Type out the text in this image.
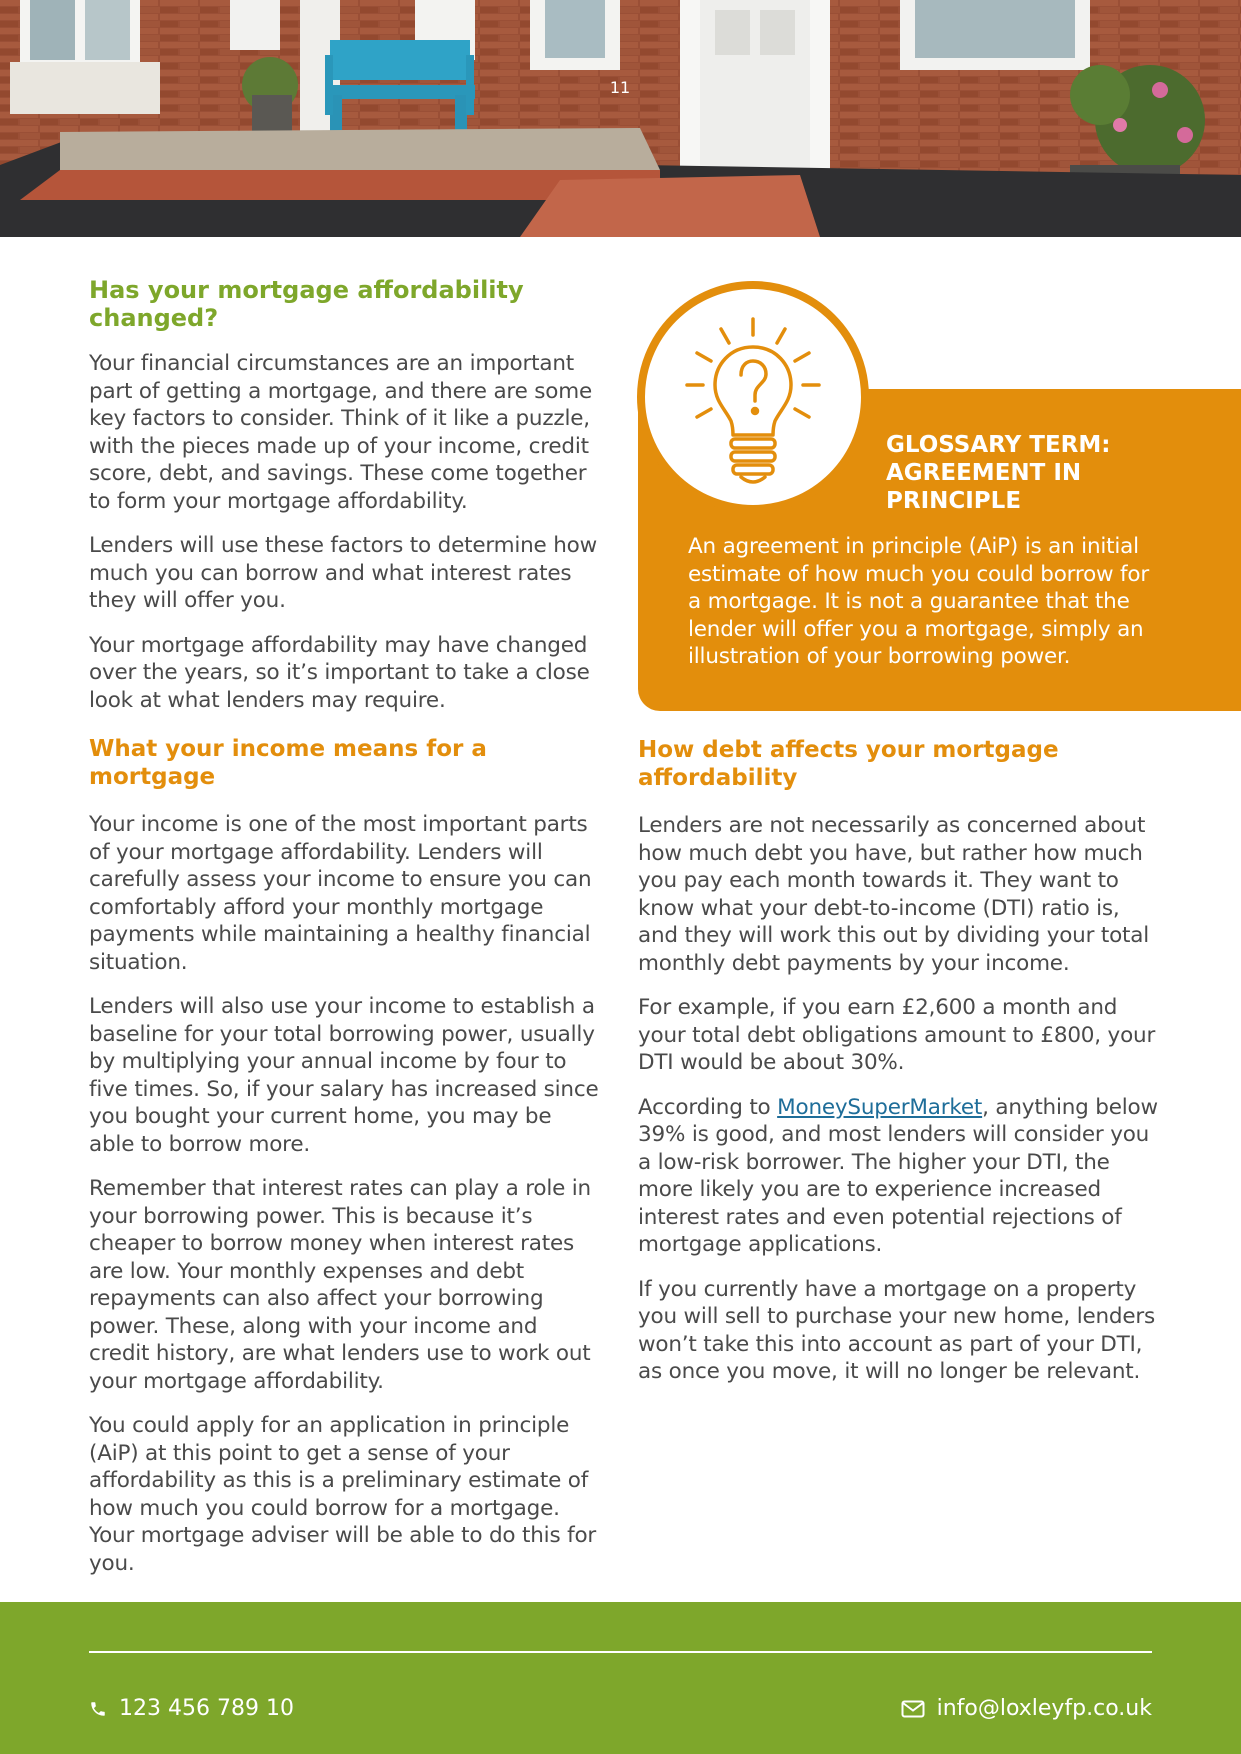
11
Has your mortgage affordability changed?

Your financial circumstances are an important part of getting a mortgage, and there are some key factors to consider. Think of it like a puzzle, with the pieces made up of your income, credit score, debt, and savings. These come together to form your mortgage affordability.

Lenders will use these factors to determine how much you can borrow and what interest rates they will offer you.

Your mortgage affordability may have changed over the years, so it’s important to take a close look at what lenders may require.

What your income means for a mortgage

Your income is one of the most important parts of your mortgage affordability. Lenders will carefully assess your income to ensure you can comfortably afford your monthly mortgage payments while maintaining a healthy financial situation.

Lenders will also use your income to establish a baseline for your total borrowing power, usually by multiplying your annual income by four to five times. So, if your salary has increased since you bought your current home, you may be able to borrow more.

Remember that interest rates can play a role in your borrowing power. This is because it’s cheaper to borrow money when interest rates are low. Your monthly expenses and debt repayments can also affect your borrowing power. These, along with your income and credit history, are what lenders use to work out your mortgage affordability.

You could apply for an application in principle (AiP) at this point to get a sense of your affordability as this is a preliminary estimate of how much you could borrow for a mortgage. Your mortgage adviser will be able to do this for you.

GLOSSARY TERM: AGREEMENT IN PRINCIPLE
An agreement in principle (AiP) is an initial estimate of how much you could borrow for a mortgage. It is not a guarantee that the lender will offer you a mortgage, simply an illustration of your borrowing power.
How debt affects your mortgage affordability

Lenders are not necessarily as concerned about how much debt you have, but rather how much you pay each month towards it. They want to know what your debt-to-income (DTI) ratio is, and they will work this out by dividing your total monthly debt payments by your income.

For example, if you earn £2,600 a month and your total debt obligations amount to £800, your DTI would be about 30%.

According to MoneySuperMarket, anything below 39% is good, and most lenders will consider you a low-risk borrower. The higher your DTI, the more likely you are to experience increased interest rates and even potential rejections of mortgage applications.

If you currently have a mortgage on a property you will sell to purchase your new home, lenders won’t take this into account as part of your DTI, as once you move, it will no longer be relevant.

123 456 789 10	info@loxleyfp.co.uk
